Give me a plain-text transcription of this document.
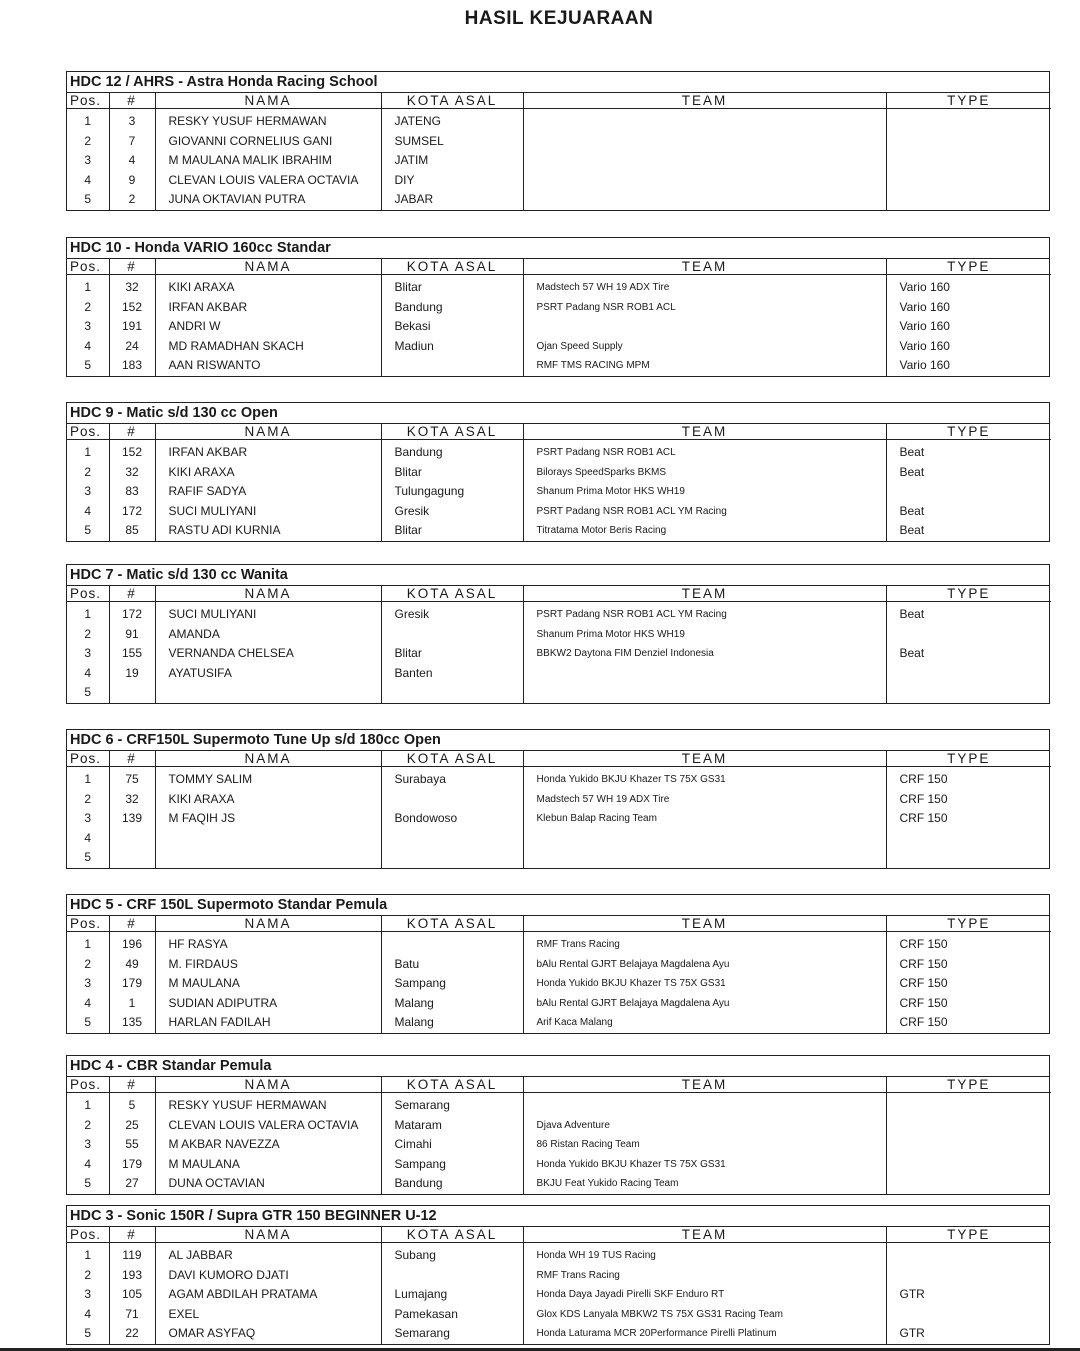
HASIL KEJUARAAN
HDC 12 / AHRS - Astra Honda Racing School
Pos.	#	NAMA	KOTA ASAL	TEAM	TYPE
1	3	RESKY YUSUF HERMAWAN	JATENG		
2	7	GIOVANNI CORNELIUS GANI	SUMSEL		
3	4	M MAULANA MALIK IBRAHIM	JATIM		
4	9	CLEVAN LOUIS VALERA OCTAVIA	DIY		
5	2	JUNA OKTAVIAN PUTRA	JABAR		
HDC 10 - Honda VARIO 160cc Standar
Pos.	#	NAMA	KOTA ASAL	TEAM	TYPE
1	32	KIKI ARAXA	Blitar	Madstech 57 WH 19 ADX Tire	Vario 160
2	152	IRFAN AKBAR	Bandung	PSRT Padang NSR ROB1 ACL	Vario 160
3	191	ANDRI W	Bekasi		Vario 160
4	24	MD RAMADHAN SKACH	Madiun	Ojan Speed Supply	Vario 160
5	183	AAN RISWANTO		RMF TMS RACING MPM	Vario 160
HDC 9 - Matic s/d 130 cc Open
Pos.	#	NAMA	KOTA ASAL	TEAM	TYPE
1	152	IRFAN AKBAR	Bandung	PSRT Padang NSR ROB1 ACL	Beat
2	32	KIKI ARAXA	Blitar	Bilorays SpeedSparks BKMS	Beat
3	83	RAFIF SADYA	Tulungagung	Shanum Prima Motor HKS WH19	
4	172	SUCI MULIYANI	Gresik	PSRT Padang NSR ROB1 ACL YM Racing	Beat
5	85	RASTU ADI KURNIA	Blitar	Titratama Motor Beris Racing	Beat
HDC 7 - Matic s/d 130 cc Wanita
Pos.	#	NAMA	KOTA ASAL	TEAM	TYPE
1	172	SUCI MULIYANI	Gresik	PSRT Padang NSR ROB1 ACL YM Racing	Beat
2	91	AMANDA		Shanum Prima Motor HKS WH19	
3	155	VERNANDA CHELSEA	Blitar	BBKW2 Daytona FIM Denziel Indonesia	Beat
4	19	AYATUSIFA	Banten		
5					
HDC 6 - CRF150L Supermoto Tune Up s/d 180cc Open
Pos.	#	NAMA	KOTA ASAL	TEAM	TYPE
1	75	TOMMY SALIM	Surabaya	Honda Yukido BKJU Khazer TS 75X GS31	CRF 150
2	32	KIKI ARAXA		Madstech 57 WH 19 ADX Tire	CRF 150
3	139	M FAQIH JS	Bondowoso	Klebun Balap Racing Team	CRF 150
4					
5					
HDC 5 - CRF 150L Supermoto Standar Pemula
Pos.	#	NAMA	KOTA ASAL	TEAM	TYPE
1	196	HF RASYA		RMF Trans Racing	CRF 150
2	49	M. FIRDAUS	Batu	bAlu Rental GJRT Belajaya Magdalena Ayu	CRF 150
3	179	M MAULANA	Sampang	Honda Yukido BKJU Khazer TS 75X GS31	CRF 150
4	1	SUDIAN ADIPUTRA	Malang	bAlu Rental GJRT Belajaya Magdalena Ayu	CRF 150
5	135	HARLAN FADILAH	Malang	Arif Kaca Malang	CRF 150
HDC 4 - CBR Standar Pemula
Pos.	#	NAMA	KOTA ASAL	TEAM	TYPE
1	5	RESKY YUSUF HERMAWAN	Semarang		
2	25	CLEVAN LOUIS VALERA OCTAVIA	Mataram	Djava Adventure	
3	55	M AKBAR NAVEZZA	Cimahi	86 Ristan Racing Team	
4	179	M MAULANA	Sampang	Honda Yukido BKJU Khazer TS 75X GS31	
5	27	DUNA OCTAVIAN	Bandung	BKJU Feat Yukido Racing Team	
HDC 3 - Sonic 150R / Supra GTR 150 BEGINNER U-12
Pos.	#	NAMA	KOTA ASAL	TEAM	TYPE
1	119	AL JABBAR	Subang	Honda WH 19 TUS Racing	
2	193	DAVI KUMORO DJATI		RMF Trans Racing	
3	105	AGAM ABDILAH PRATAMA	Lumajang	Honda Daya Jayadi Pirelli SKF Enduro RT	GTR
4	71	EXEL	Pamekasan	Glox KDS Lanyala MBKW2 TS 75X GS31 Racing Team	
5	22	OMAR ASYFAQ	Semarang	Honda Laturama MCR 20Performance Pirelli Platinum	GTR
